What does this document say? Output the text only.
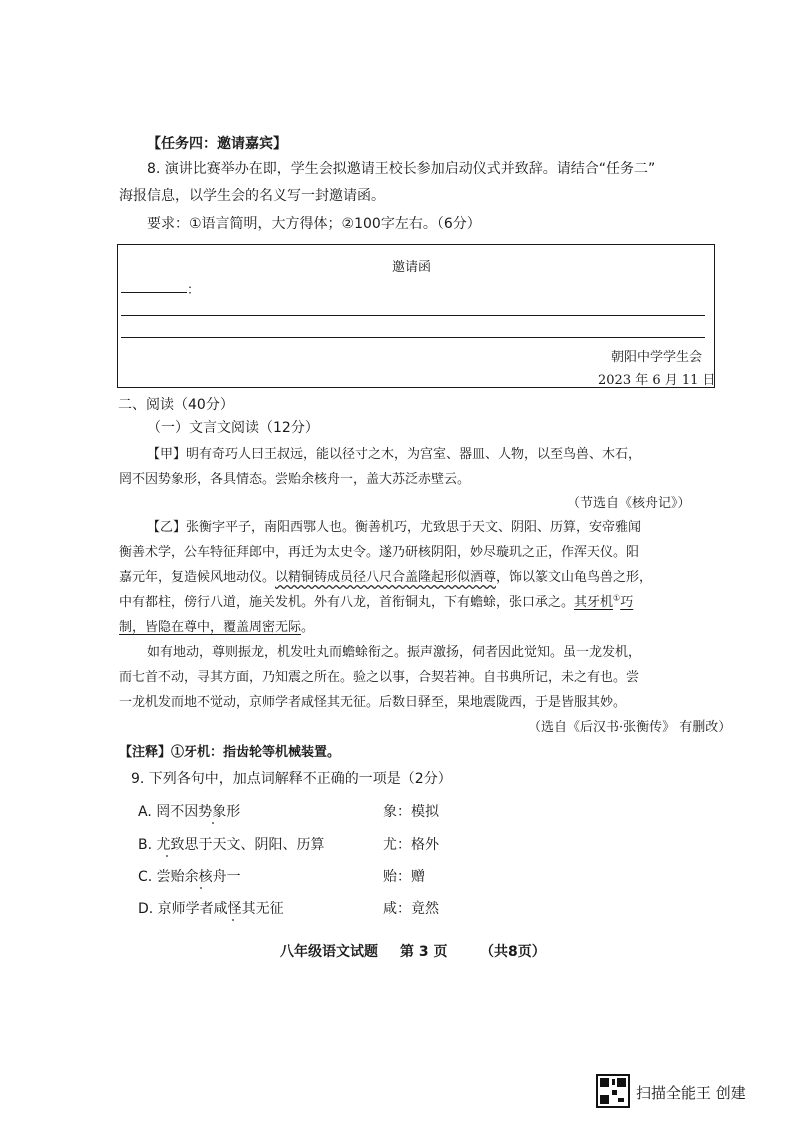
【任务四：邀请嘉宾】
8. 演讲比赛举办在即，学生会拟邀请王校长参加启动仪式并致辞。请结合“任务二”
海报信息，以学生会的名义写一封邀请函。
要求：①语言简明，大方得体；②100字左右。（6分）
邀请函
：
朝阳中学学生会
2023 年 6 月 11 日
二、阅读（40分）
（一）文言文阅读（12分）
【甲】明有奇巧人曰王叔远，能以径寸之木，为宫室、器皿、人物，以至鸟兽、木石，
罔不因势象形，各具情态。尝贻余核舟一，盖大苏泛赤壁云。
（节选自《核舟记》）
【乙】张衡字平子，南阳西鄂人也。衡善机巧，尤致思于天文、阴阳、历算，安帝雅闻
衡善术学，公车特征拜郎中，再迁为太史令。遂乃研核阴阳，妙尽璇玑之正，作浑天仪。阳
嘉元年，复造候风地动仪。以精铜铸成员径八尺合盖隆起形似酒尊，饰以篆文山龟鸟兽之形，
中有都柱，傍行八道，施关发机。外有八龙，首衔铜丸，下有蟾蜍，张口承之。其牙机①巧
制，皆隐在尊中，覆盖周密无际。
如有地动，尊则振龙，机发吐丸而蟾蜍衔之。振声激扬，伺者因此觉知。虽一龙发机，
而七首不动，寻其方面，乃知震之所在。验之以事，合契若神。自书典所记，未之有也。尝
一龙机发而地不觉动，京师学者咸怪其无征。后数日驿至，果地震陇西，于是皆服其妙。
（选自《后汉书·张衡传》 有删改）
【注释】①牙机：指齿轮等机械装置。
9. 下列各句中，加点词解释不正确的一项是（2分）
A. 罔不因势象形	象：模拟
B. 尤致思于天文、阴阳、历算	尤：格外
C. 尝贻余核舟一	贻：赠
D. 京师学者咸怪其无征	咸：竟然
八年级语文试题 第 3 页 （共8页）
扫描全能王 创建
